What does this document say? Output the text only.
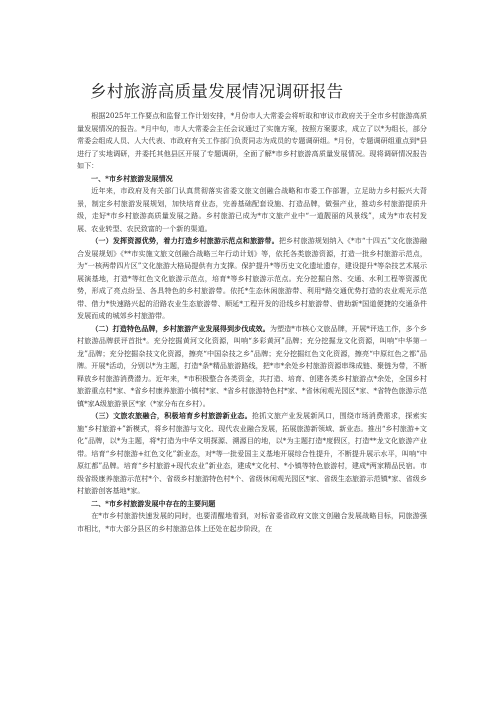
乡村旅游高质量发展情况调研报告

根据2025年工作要点和监督工作计划安排，*月份市人大常委会将听取和审议市政府关于全市乡村旅游高质量发展情况的报告。*月中旬，市人大常委会主任会议通过了实施方案，按照方案要求，成立了以*为组长，部分常委会组成人员、人大代表、市政府有关工作部门负责同志为成员的专题调研组。*月份，专题调研组重点到*县进行了实地调研，并委托其他县区开展了专题调研，全面了解*市乡村旅游高质量发展情况。现将调研情况报告如下：

一、*市乡村旅游发展情况

近年来，市政府及有关部门认真贯彻落实省委文旅文创融合战略和市委工作部署，立足助力乡村振兴大背景，制定乡村旅游发展规划，加快培育业态，完善基础配套设施、打造品牌，做强产业，推动乡村旅游提质升级，走好*市乡村旅游高质量发展之路。乡村旅游已成为*市文旅产业中“一道靓丽的风景线”，成为*市农村发展、农业转型、农民致富的一个新的渠道。

（一）发挥资源优势，着力打造乡村旅游示范点和旅游带。把乡村旅游规划纳入《*市“十四五”文化旅游融合发展规划》《**市实施文旅文创融合战略三年行动计划》等，依托各类旅游资源，打造一批乡村旅游示范点，为“一核两带四片区”文化旅游大格局提供有力支撑。保护提升*等历史文化遗址遗存，建设提升*等杂技艺术展示展演基地，打造*等红色文化旅游示范点，培育*等乡村旅游示范点。充分挖掘自然、交通、水利工程等资源优势，形成了亮点纷呈、各具特色的乡村旅游带。依托*生态休闲旅游带、利用*路交通优势打造的农业观光示范带、借力*快速路兴起的沿路农业生态旅游带、顺延*工程开发的沿线乡村旅游带、借助新*国道便捷的交通条件发展而成的城郊乡村旅游带。

（二）打造特色品牌，乡村旅游产业发展得到步伐成效。为塑造*市核心文旅品牌，开展*评选工作，多个乡村旅游品牌获评首批*。充分挖掘黄河文化资源，叫响“多彩黄河”品牌；充分挖掘龙文化资源，叫响“中华第一龙”品牌；充分挖掘杂技文化资源，擦亮“中国杂技之乡”品牌；充分挖掘红色文化资源，擦亮“中原红色之都”品牌。开展*活动，分别以*为主题，打造*条*精品旅游路线，把*市*余处乡村旅游资源串珠成链、聚链为带，不断释放乡村旅游消费潜力。近年来，*市积极整合各类资金，共打造、培育、创建各类乡村旅游点*余处，全国乡村旅游重点村*家、*省乡村康养旅游小镇村*家、*省乡村旅游特色村*家、*省休闲观光园区*家、*省特色旅游示范镇*家A级旅游景区*家（*家分布在乡村）。

（三）文旅农旅融合，积极培育乡村旅游新业态。抢抓文旅产业发展新风口，围绕市场消费需求，探索实施“乡村旅游+”新模式，将乡村旅游与文化、现代农业融合发展，拓展旅游新领域、新业态。推出“乡村旅游+文化”品牌，以*为主题，将*打造为中华文明探源、溯源目的地，以*为主题打造*度假区，打造**龙文化旅游产业带。培育“乡村旅游+红色文化”新业态，对*等一批爱国主义基地开展综合性提升，不断提升展示水平，叫响“中原红都”品牌。培育“乡村旅游+现代农业”新业态，建成*文化村、*小镇等特色旅游村，建成*两家精品民宿。市级省级康养旅游示范村*个、省级乡村旅游特色村*个、省级休闲观光园区*家、省级生态旅游示范镇*家、省级乡村旅游创客基地*家。

二、*市乡村旅游发展中存在的主要问题

在*市乡村旅游快速发展的同时，也要清醒地看到，对标省委省政府文旅文创融合发展战略目标，同旅游强市相比，*市大部分县区的乡村旅游总体上还处在起步阶段，在
